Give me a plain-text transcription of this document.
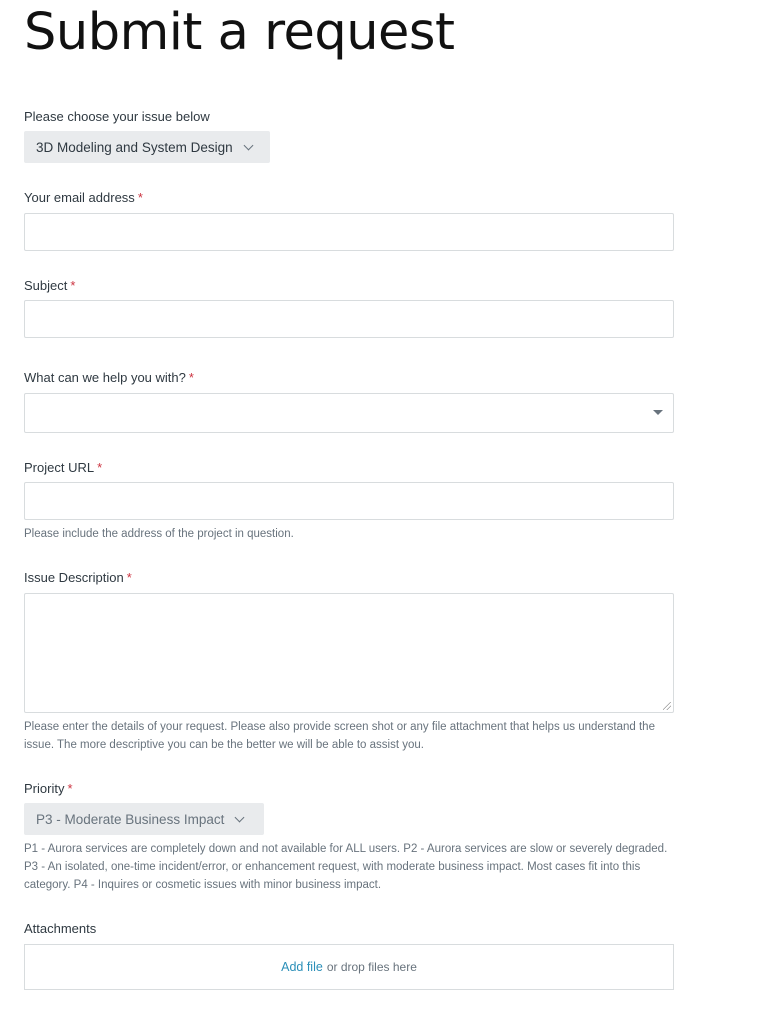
Submit a request
Please choose your issue below
3D Modeling and System Design
Your email address *
Subject *
What can we help you with? *
Project URL *
Please include the address of the project in question.
Issue Description *
Please enter the details of your request. Please also provide screen shot or any file attachment that helps us understand the issue. The more descriptive you can be the better we will be able to assist you.
Priority *
P3 - Moderate Business Impact
P1 - Aurora services are completely down and not available for ALL users. P2 - Aurora services are slow or severely degraded. P3 - An isolated, one-time incident/error, or enhancement request, with moderate business impact. Most cases fit into this category. P4 - Inquires or cosmetic issues with minor business impact.
Attachments
Add file or drop files here
